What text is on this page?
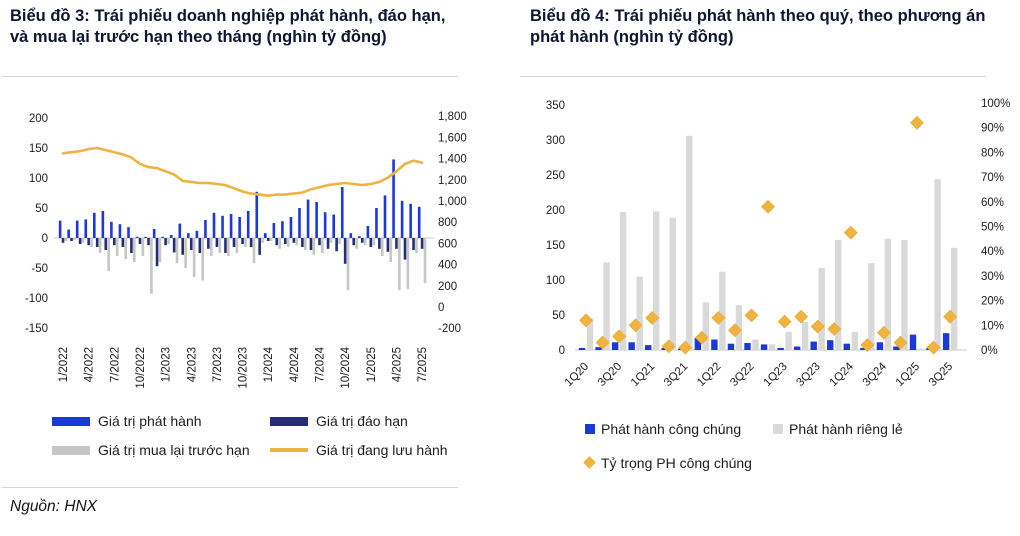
Biểu đồ 3: Trái phiếu doanh nghiệp phát hành, đáo hạn, và mua lại trước hạn theo tháng (nghìn tỷ đồng)
Biểu đồ 4: Trái phiếu phát hành theo quý, theo phương án phát hành (nghìn tỷ đồng)
200
150
100
50
0
-50
-100
-150
1,800
1,600
1,400
1,200
1,000
800
600
400
200
0
-200
1/2022 4/2022 7/2022 10/2022 1/2023 4/2023 7/2023 10/2023 1/2024 4/2024 7/2024 10/2024 1/2025 4/2025 7/2025
350
300
250
200
150
100
50
0
100%
90%
80%
70%
60%
50%
40%
30%
20%
10%
0%
1Q20 3Q20 1Q21 3Q21 1Q22 3Q22 1Q23 3Q23 1Q24 3Q24 1Q25 3Q25
Giá trị phát hành	Giá trị đáo hạn
Giá trị mua lại trước hạn	Giá trị đang lưu hành
Phát hành công chúng
	Phát hành riêng lẻ
Tỷ trọng PH công chúng
Nguồn: HNX
